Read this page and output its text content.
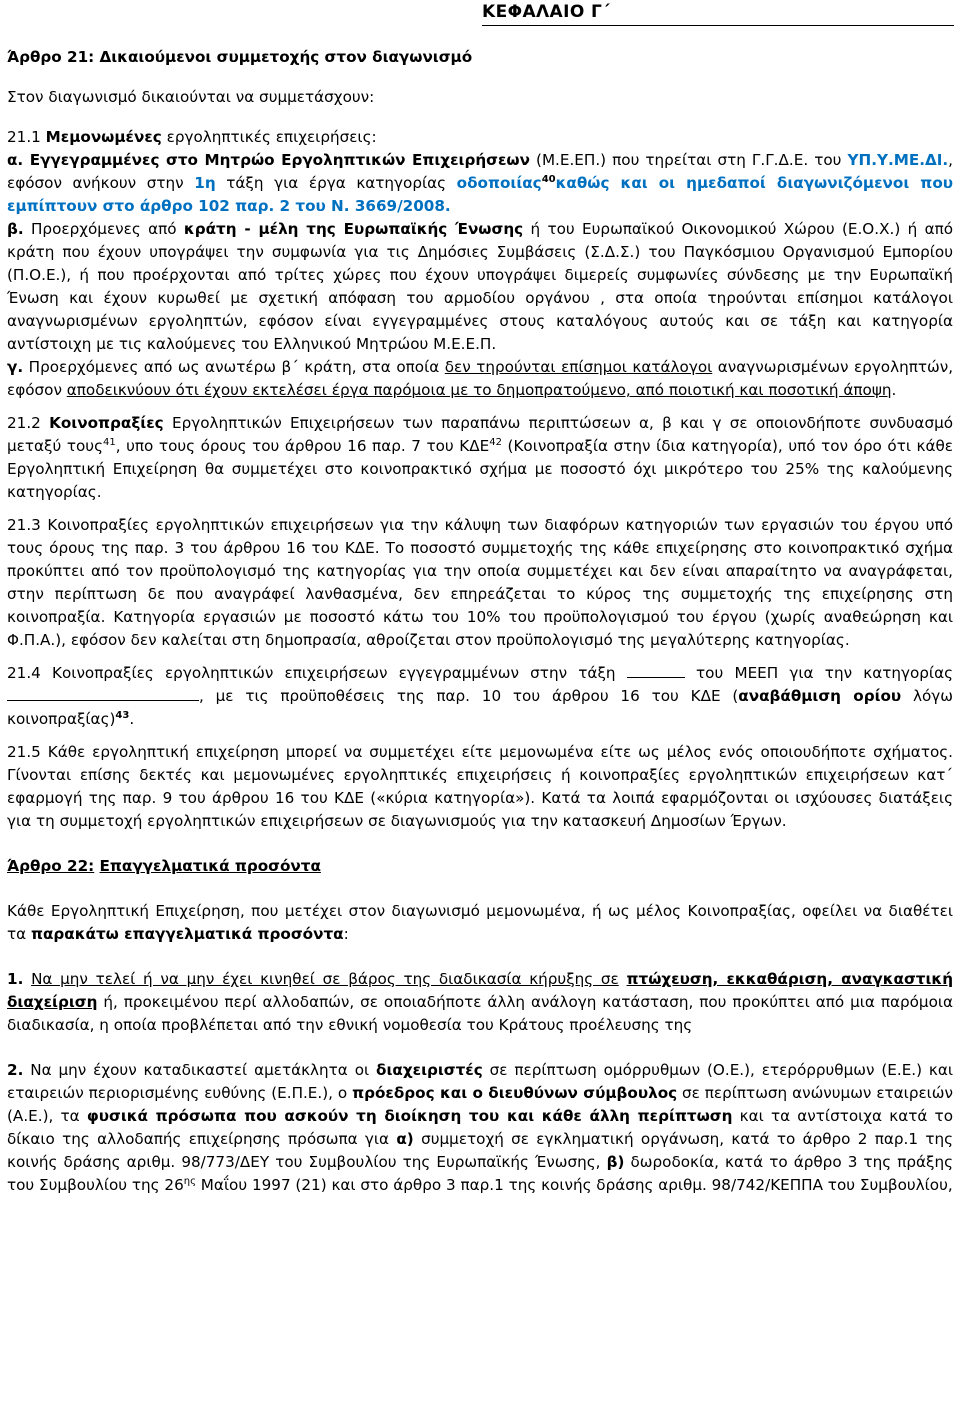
ΚΕΦΑΛΑΙΟ Γ΄

Άρθρο 21: Δικαιούμενοι συμμετοχής στον διαγωνισμό

Στον διαγωνισμό δικαιούνται να συμμετάσχουν:

21.1 Μεμονωμένες εργοληπτικές επιχειρήσεις:

α. Εγγεγραμμένες στο Μητρώο Εργοληπτικών Επιχειρήσεων (Μ.Ε.ΕΠ.) που τηρείται στη Γ.Γ.Δ.Ε. του ΥΠ.Υ.ΜΕ.ΔΙ., εφόσον ανήκουν στην 1η τάξη για έργα κατηγορίας οδοποιίας$^{40}$καθώς και οι ημεδαποί διαγωνιζόμενοι που εμπίπτουν στο άρθρο 102 παρ. 2 του Ν. 3669/2008.

β. Προερχόμενες από κράτη - μέλη της Ευρωπαϊκής Ένωσης ή του Ευρωπαϊκού Οικονομικού Χώρου (Ε.Ο.Χ.) ή από κράτη που έχουν υπογράψει την συμφωνία για τις Δημόσιες Συμβάσεις (Σ.Δ.Σ.) του Παγκόσμιου Οργανισμού Εμπορίου (Π.Ο.Ε.), ή που προέρχονται από τρίτες χώρες που έχουν υπογράψει διμερείς συμφωνίες σύνδεσης με την Ευρωπαϊκή Ένωση και έχουν κυρωθεί με σχετική απόφαση του αρμοδίου οργάνου , στα οποία τηρούνται επίσημοι κατάλογοι αναγνωρισμένων εργοληπτών, εφόσον είναι εγγεγραμμένες στους καταλόγους αυτούς και σε τάξη και κατηγορία αντίστοιχη με τις καλούμενες του Ελληνικού Μητρώου Μ.Ε.Ε.Π.

γ. Προερχόμενες από ως ανωτέρω β΄ κράτη, στα οποία δεν τηρούνται επίσημοι κατάλογοι αναγνωρισμένων εργοληπτών, εφόσον αποδεικνύουν ότι έχουν εκτελέσει έργα παρόμοια με το δημοπρατούμενο, από ποιοτική και ποσοτική άποψη.

21.2 Κοινοπραξίες Εργοληπτικών Επιχειρήσεων των παραπάνω περιπτώσεων α, β και γ σε οποιονδήποτε συνδυασμό μεταξύ τους$^{41}$, υπο τους όρους του άρθρου 16 παρ. 7 του ΚΔΕ$^{42}$ (Κοινοπραξία στην ίδια κατηγορία), υπό τον όρο ότι κάθε Εργοληπτική Επιχείρηση θα συμμετέχει στο κοινοπρακτικό σχήμα με ποσοστό όχι μικρότερο του 25% της καλούμενης κατηγορίας.

21.3 Κοινοπραξίες εργοληπτικών επιχειρήσεων για την κάλυψη των διαφόρων κατηγοριών των εργασιών του έργου υπό τους όρους της παρ. 3 του άρθρου 16 του ΚΔΕ. Το ποσοστό συμμετοχής της κάθε επιχείρησης στο κοινοπρακτικό σχήμα προκύπτει από τον προϋπολογισμό της κατηγορίας για την οποία συμμετέχει και δεν είναι απαραίτητο να αναγράφεται, στην περίπτωση δε που αναγράφεί λανθασμένα, δεν επηρεάζεται το κύρος της συμμετοχής της επιχείρησης στη κοινοπραξία. Κατηγορία εργασιών με ποσοστό κάτω του 10% του προϋπολογισμού του έργου (χωρίς αναθεώρηση και Φ.Π.Α.), εφόσον δεν καλείται στη δημοπρασία, αθροίζεται στον προϋπολογισμό της μεγαλύτερης κατηγορίας.

21.4 Κοινοπραξίες εργοληπτικών επιχειρήσεων εγγεγραμμένων στην τάξη	του ΜΕΕΠ για την κατηγορίας , με τις προϋποθέσεις της παρ. 10 του άρθρου 16 του ΚΔΕ (αναβάθμιση ορίου λόγω κοινοπραξίας)$^{43}$.

21.5 Κάθε εργοληπτική επιχείρηση μπορεί να συμμετέχει είτε μεμονωμένα είτε ως μέλος ενός οποιουδήποτε σχήματος. Γίνονται επίσης δεκτές και μεμονωμένες εργοληπτικές επιχειρήσεις ή κοινοπραξίες εργοληπτικών επιχειρήσεων κατ΄ εφαρμογή της παρ. 9 του άρθρου 16 του ΚΔΕ («κύρια κατηγορία»). Κατά τα λοιπά εφαρμόζονται οι ισχύουσες διατάξεις για τη συμμετοχή εργοληπτικών επιχειρήσεων σε διαγωνισμούς για την κατασκευή Δημοσίων Έργων.

Άρθρο 22: Επαγγελματικά προσόντα

Κάθε Εργοληπτική Επιχείρηση, που μετέχει στον διαγωνισμό μεμονωμένα, ή ως μέλος Κοινοπραξίας, οφείλει να διαθέτει τα παρακάτω επαγγελματικά προσόντα:

1. Να μην τελεί ή να μην έχει κινηθεί σε βάρος της διαδικασία κήρυξης σε πτώχευση, εκκαθάριση, αναγκαστική διαχείριση ή, προκειμένου περί αλλοδαπών, σε οποιαδήποτε άλλη ανάλογη κατάσταση, που προκύπτει από μια παρόμοια διαδικασία, η οποία προβλέπεται από την εθνική νομοθεσία του Κράτους προέλευσης της

2. Να μην έχουν καταδικαστεί αμετάκλητα οι διαχειριστές σε περίπτωση ομόρρυθμων (Ο.Ε.), ετερόρρυθμων (Ε.Ε.) και εταιρειών περιορισμένης ευθύνης (Ε.Π.Ε.), ο πρόεδρος και ο διευθύνων σύμβουλος σε περίπτωση ανώνυμων εταιρειών (Α.Ε.), τα φυσικά πρόσωπα που ασκούν τη διοίκηση του και κάθε άλλη περίπτωση και τα αντίστοιχα κατά το δίκαιο της αλλοδαπής επιχείρησης πρόσωπα για α) συμμετοχή σε εγκληματική οργάνωση, κατά το άρθρο 2 παρ.1 της κοινής δράσης αριθμ. 98/773/ΔΕΥ του Συμβουλίου της Ευρωπαϊκής Ένωσης, β) δωροδοκία, κατά το άρθρο 3 της πράξης του Συμβουλίου της $26^{\eta\varsigma}$ Μαΐου 1997 (21) και στο άρθρο 3 παρ.1 της κοινής δράσης αριθμ. 98/742/ΚΕΠΠΑ του Συμβουλίου,
